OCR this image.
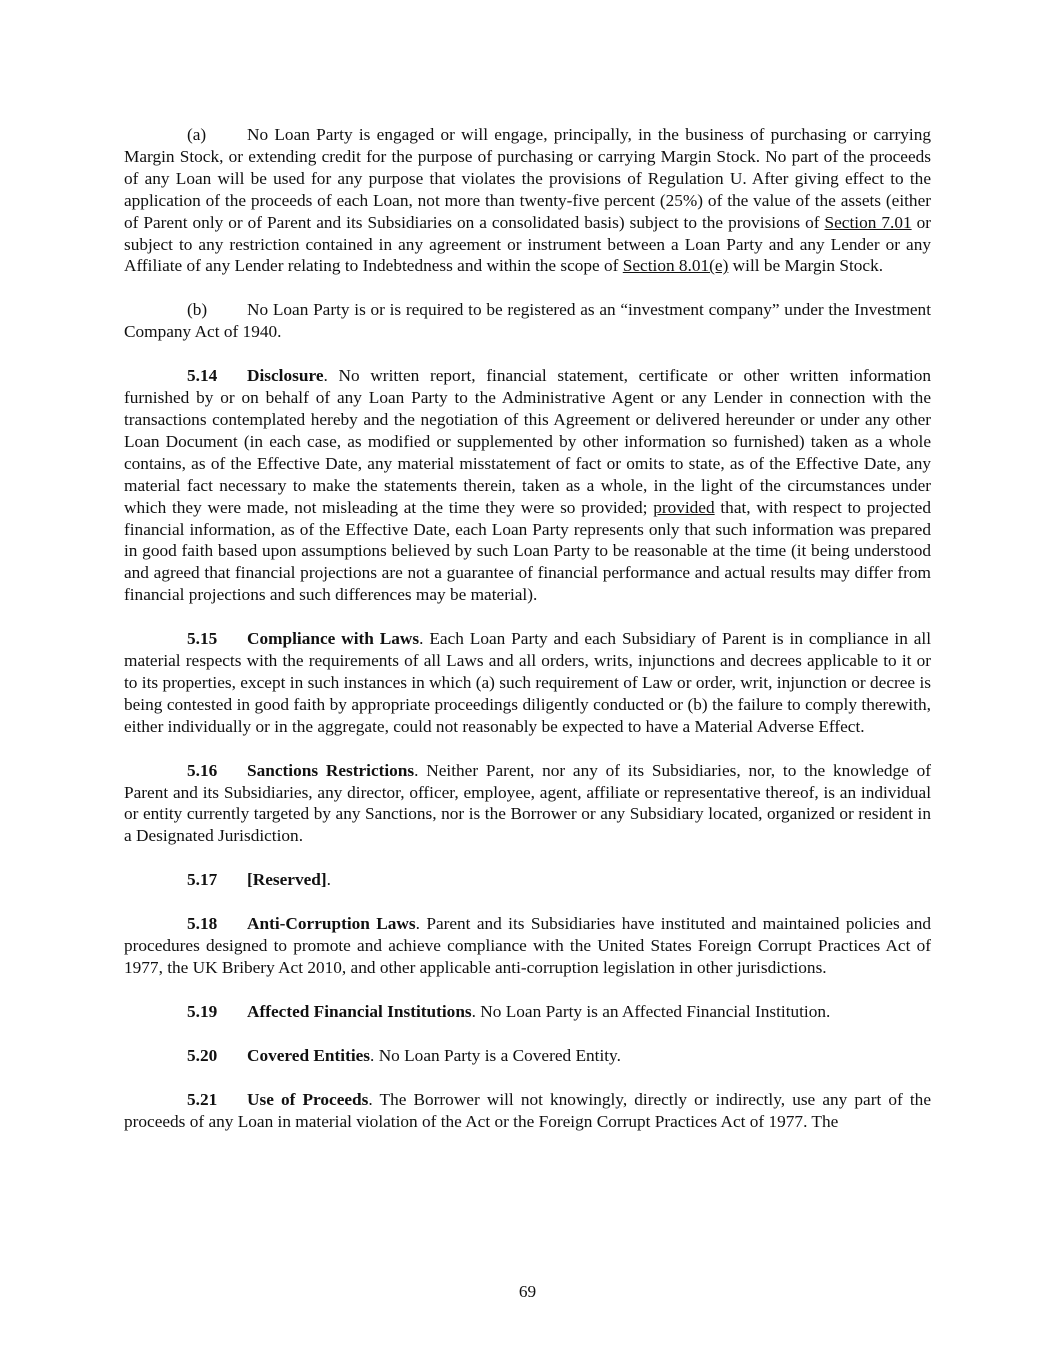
(a) No Loan Party is engaged or will engage, principally, in the business of purchasing or carrying Margin Stock, or extending credit for the purpose of purchasing or carrying Margin Stock. No part of the proceeds of any Loan will be used for any purpose that violates the provisions of Regulation U. After giving effect to the application of the proceeds of each Loan, not more than twenty-five percent (25%) of the value of the assets (either of Parent only or of Parent and its Subsidiaries on a consolidated basis) subject to the provisions of Section 7.01 or subject to any restriction contained in any agreement or instrument between a Loan Party and any Lender or any Affiliate of any Lender relating to Indebtedness and within the scope of Section 8.01(e) will be Margin Stock.

(b) No Loan Party is or is required to be registered as an “investment company” under the Investment Company Act of 1940.

5.14 Disclosure. No written report, financial statement, certificate or other written information furnished by or on behalf of any Loan Party to the Administrative Agent or any Lender in connection with the transactions contemplated hereby and the negotiation of this Agreement or delivered hereunder or under any other Loan Document (in each case, as modified or supplemented by other information so furnished) taken as a whole contains, as of the Effective Date, any material misstatement of fact or omits to state, as of the Effective Date, any material fact necessary to make the statements therein, taken as a whole, in the light of the circumstances under which they were made, not misleading at the time they were so provided; provided that, with respect to projected financial information, as of the Effective Date, each Loan Party represents only that such information was prepared in good faith based upon assumptions believed by such Loan Party to be reasonable at the time (it being understood and agreed that financial projections are not a guarantee of financial performance and actual results may differ from financial projections and such differences may be material).

5.15 Compliance with Laws. Each Loan Party and each Subsidiary of Parent is in compliance in all material respects with the requirements of all Laws and all orders, writs, injunctions and decrees applicable to it or to its properties, except in such instances in which (a) such requirement of Law or order, writ, injunction or decree is being contested in good faith by appropriate proceedings diligently conducted or (b) the failure to comply therewith, either individually or in the aggregate, could not reasonably be expected to have a Material Adverse Effect.

5.16 Sanctions Restrictions. Neither Parent, nor any of its Subsidiaries, nor, to the knowledge of Parent and its Subsidiaries, any director, officer, employee, agent, affiliate or representative thereof, is an individual or entity currently targeted by any Sanctions, nor is the Borrower or any Subsidiary located, organized or resident in a Designated Jurisdiction.

5.17 [Reserved].

5.18 Anti-Corruption Laws. Parent and its Subsidiaries have instituted and maintained policies and procedures designed to promote and achieve compliance with the United States Foreign Corrupt Practices Act of 1977, the UK Bribery Act 2010, and other applicable anti-corruption legislation in other jurisdictions.

5.19 Affected Financial Institutions. No Loan Party is an Affected Financial Institution.

5.20 Covered Entities. No Loan Party is a Covered Entity.

5.21 Use of Proceeds. The Borrower will not knowingly, directly or indirectly, use any part of the proceeds of any Loan in material violation of the Act or the Foreign Corrupt Practices Act of 1977. The

69
